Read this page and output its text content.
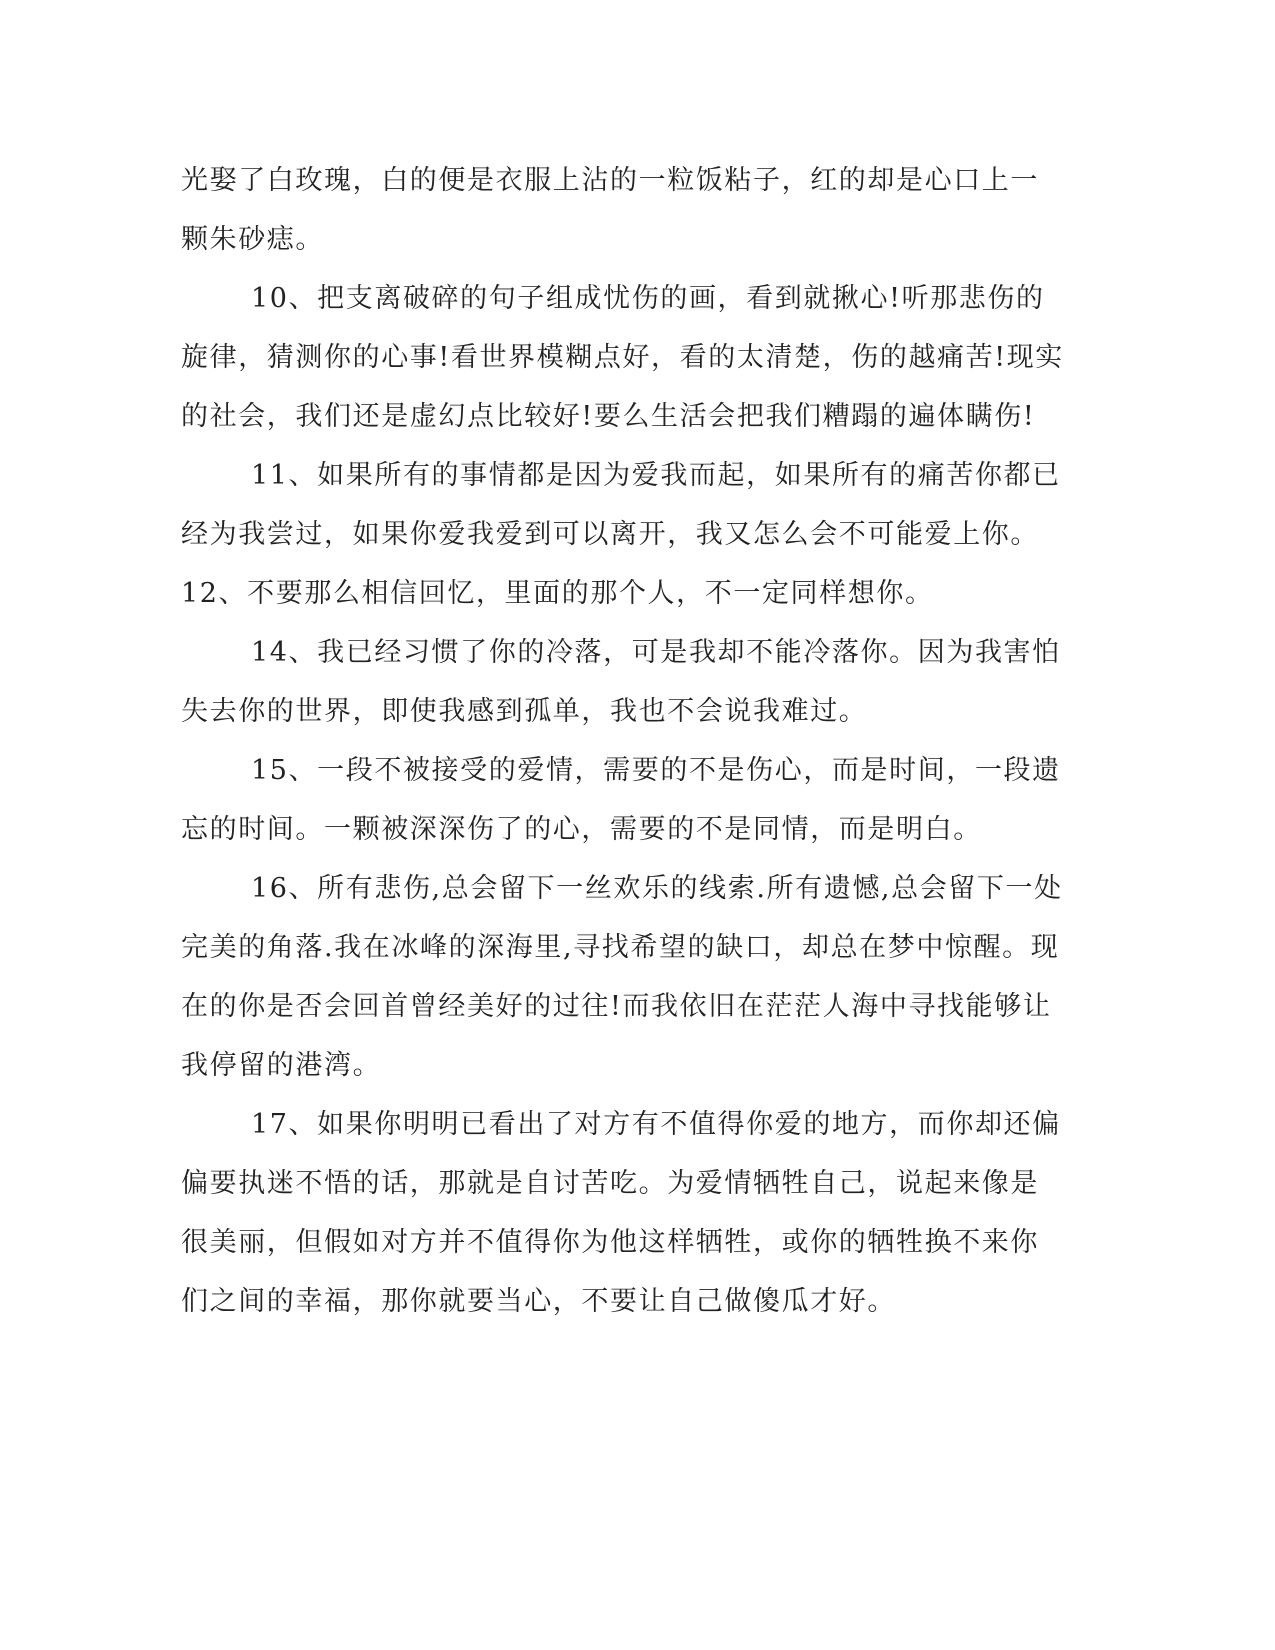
光娶了白玫瑰，白的便是衣服上沾的一粒饭粘子，红的却是心口上一
颗朱砂痣。
10、把支离破碎的句子组成忧伤的画，看到就揪心!听那悲伤的
旋律，猜测你的心事!看世界模糊点好，看的太清楚，伤的越痛苦!现实
的社会，我们还是虚幻点比较好!要么生活会把我们糟蹋的遍体瞒伤!
11、如果所有的事情都是因为爱我而起，如果所有的痛苦你都已
经为我尝过，如果你爱我爱到可以离开，我又怎么会不可能爱上你。
12、不要那么相信回忆，里面的那个人，不一定同样想你。
14、我已经习惯了你的冷落，可是我却不能冷落你。因为我害怕
失去你的世界，即使我感到孤单，我也不会说我难过。
15、一段不被接受的爱情，需要的不是伤心，而是时间，一段遗
忘的时间。一颗被深深伤了的心，需要的不是同情，而是明白。
16、所有悲伤,总会留下一丝欢乐的线索.所有遗憾,总会留下一处
完美的角落.我在冰峰的深海里,寻找希望的缺口，却总在梦中惊醒。现
在的你是否会回首曾经美好的过往!而我依旧在茫茫人海中寻找能够让
我停留的港湾。
17、如果你明明已看出了对方有不值得你爱的地方，而你却还偏
偏要执迷不悟的话，那就是自讨苦吃。为爱情牺牲自己，说起来像是
很美丽，但假如对方并不值得你为他这样牺牲，或你的牺牲换不来你
们之间的幸福，那你就要当心，不要让自己做傻瓜才好。
